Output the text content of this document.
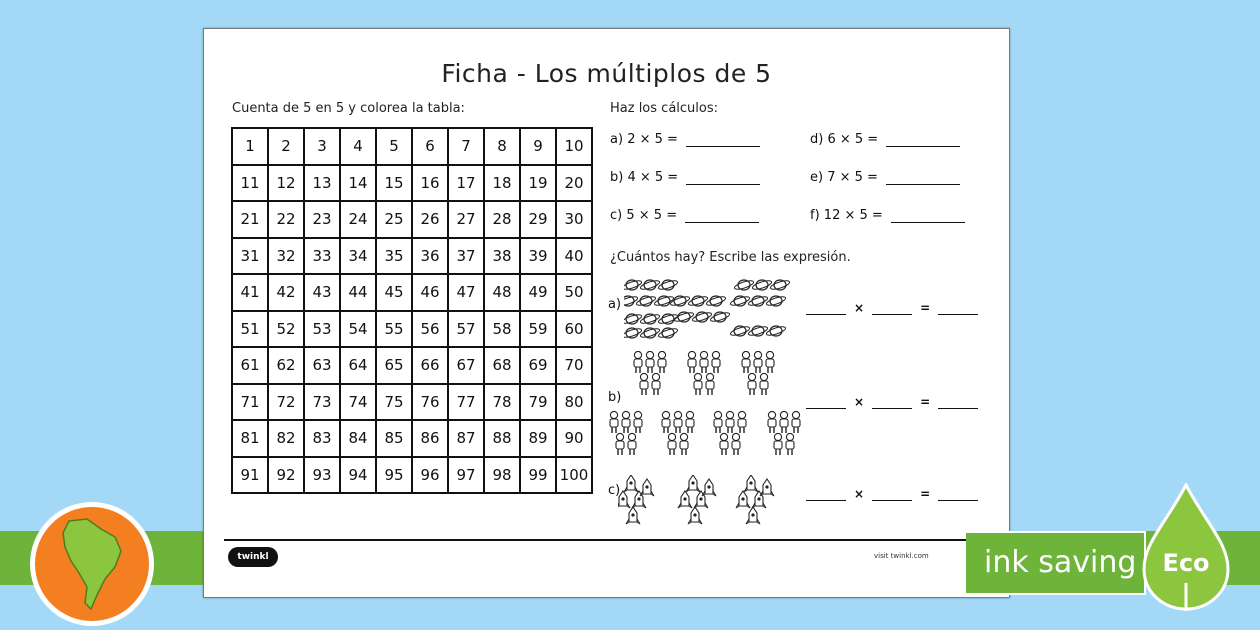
Ficha - Los múltiplos de 5
Cuenta de 5 en 5 y colorea la tabla:
1	2	3	4	5	6	7	8	9	10
11	12	13	14	15	16	17	18	19	20
21	22	23	24	25	26	27	28	29	30
31	32	33	34	35	36	37	38	39	40
41	42	43	44	45	46	47	48	49	50
51	52	53	54	55	56	57	58	59	60
61	62	63	64	65	66	67	68	69	70
71	72	73	74	75	76	77	78	79	80
81	82	83	84	85	86	87	88	89	90
91	92	93	94	95	96	97	98	99	100
Haz los cálculos:
a)
2 × 5 =
b)
4 × 5 =
c)
5 × 5 =
d)
6 × 5 =
e)
7 × 5 =
f)
12 × 5 =
¿Cuántos hay? Escribe las expresión.
a)	×	=
b)	×	=
c)	×	=
twinkl	visit twinkl.com	ink saving	Eco
